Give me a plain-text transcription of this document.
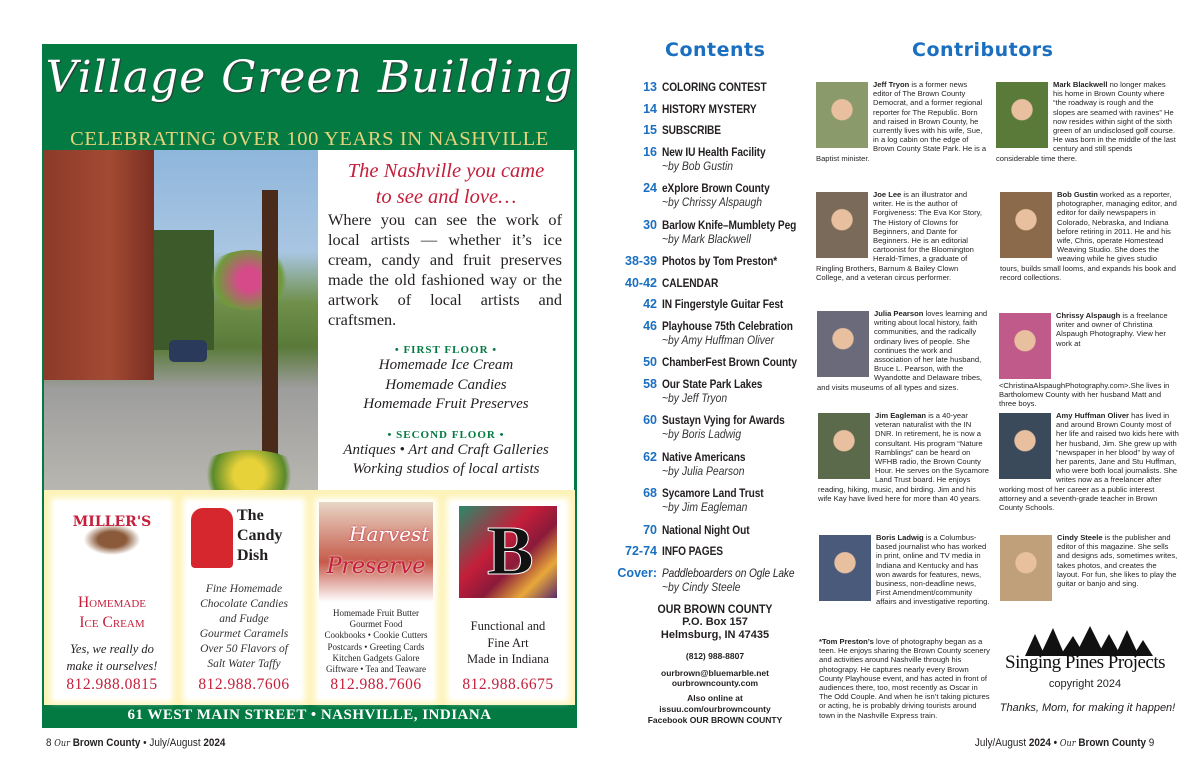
Village Green Building
CELEBRATING OVER 100 YEARS IN NASHVILLE
The Nashville you came
to see and love…
Where you can see the work of local artists — whether it’s ice cream, candy and fruit preserves made the old fashioned way or the artwork of local artists and craftsmen.
• FIRST FLOOR •
Homemade Ice Cream
Homemade Candies
Homemade Fruit Preserves
• SECOND FLOOR •
Antiques • Art and Craft Galleries
Working studios of local artists
MILLER'S
Homemade
Ice Cream
Yes, we really do
make it ourselves!
812.988.0815
The
Candy
Dish
Fine Homemade
Chocolate Candies
and Fudge
Gourmet Caramels
Over 50 Flavors of
Salt Water Taffy
812.988.7606
Preserve
Harvest
Homemade Fruit Butter
Gourmet Food
Cookbooks • Cookie Cutters
Postcards • Greeting Cards
Kitchen Gadgets Galore
Giftware • Tea and Teaware
812.988.7606
B
Functional and
Fine Art
Made in Indiana
812.988.6675
61 WEST MAIN STREET • NASHVILLE, INDIANA
Contents
13 COLORING CONTEST
14 HISTORY MYSTERY
15 SUBSCRIBE
16 New IU Health Facility
~by Bob Gustin
24 eXplore Brown County
~by Chrissy Alspaugh
30 Barlow Knife–Mumblety Peg
~by Mark Blackwell
38-39 Photos by Tom Preston*
40-42 CALENDAR
42 IN Fingerstyle Guitar Fest
46 Playhouse 75th Celebration
~by Amy Huffman Oliver
50 ChamberFest Brown County
58 Our State Park Lakes
~by Jeff Tryon
60 Sustayn Vying for Awards
~by Boris Ladwig
62 Native Americans
~by Julia Pearson
68 Sycamore Land Trust
~by Jim Eagleman
70 National Night Out
72-74 INFO PAGES
Cover: Paddleboarders on Ogle Lake
~by Cindy Steele
OUR BROWN COUNTY
P.O. Box 157
Helmsburg, IN 47435
(812) 988-8807
ourbrown@bluemarble.net
ourbrowncounty.com
Also online at
issuu.com/ourbrowncounty
Facebook OUR BROWN COUNTY
Contributors
Jeff Tryon is a former news editor of The Brown County Democrat, and a former regional reporter for The Republic. Born and raised in Brown County, he currently lives with his wife, Sue, in a log cabin on the edge of Brown County State Park. He is a Baptist minister.
Mark Blackwell no longer makes his home in Brown County where “the roadway is rough and the slopes are seamed with ravines” He now resides within sight of the sixth green of an undisclosed golf course. He was born in the middle of the last century and still spends considerable time there.
Joe Lee is an illustrator and writer. He is the author of Forgiveness: The Eva Kor Story, The History of Clowns for Beginners, and Dante for Beginners. He is an editorial cartoonist for the Bloomington Herald-Times, a graduate of Ringling Brothers, Barnum & Bailey Clown College, and a veteran circus performer.
Bob Gustin worked as a reporter, photographer, managing editor, and editor for daily newspapers in Colorado, Nebraska, and Indiana before retiring in 2011. He and his wife, Chris, operate Homestead Weaving Studio. She does the weaving while he gives studio tours, builds small looms, and expands his book and record collections.
Julia Pearson loves learning and writing about local history, faith communities, and the radically ordinary lives of people. She continues the work and association of her late husband, Bruce L. Pearson, with the Wyandotte and Delaware tribes, and visits museums of all types and sizes.
Chrissy Alspaugh is a freelance writer and owner of Christina Alspaugh Photography. View her work at <ChristinaAlspaughPhotography.com>.She lives in Bartholomew County with her husband Matt and three boys.
Jim Eagleman is a 40-year veteran naturalist with the IN DNR. In retirement, he is now a consultant. His program “Nature Ramblings” can be heard on WFHB radio, the Brown County Hour. He serves on the Sycamore Land Trust board. He enjoys reading, hiking, music, and birding. Jim and his wife Kay have lived here for more than 40 years.
Amy Huffman Oliver has lived in and around Brown County most of her life and raised two kids here with her husband, Jim. She grew up with “newspaper in her blood” by way of her parents, Jane and Stu Huffman, who were both local journalists. She writes now as a freelancer after working most of her career as a public interest attorney and a seventh-grade teacher in Brown County Schools.
Boris Ladwig is a Columbus-based journalist who has worked in print, online and TV media in Indiana and Kentucky and has won awards for features, news, business, non-deadline news, First Amendment/community affairs and investigative reporting.
Cindy Steele is the publisher and editor of this magazine. She sells and designs ads, sometimes writes, takes photos, and creates the layout. For fun, she likes to play the guitar or banjo and sing.
*Tom Preston’s love of photography began as a teen. He enjoys sharing the Brown County scenery and activities around Nashville through his photograpy. He captures nearly every Brown County Playhouse event, and has acted in front of audiences there, too, most recently as Oscar in The Odd Couple. And when he isn’t taking pictures or acting, he is probably driving tourists around town in the Nashville Express train.
Singing Pines Projects
copyright 2024
Thanks, Mom, for making it happen!
8 Our Brown County • July/August 2024	July/August 2024 • Our Brown County 9
